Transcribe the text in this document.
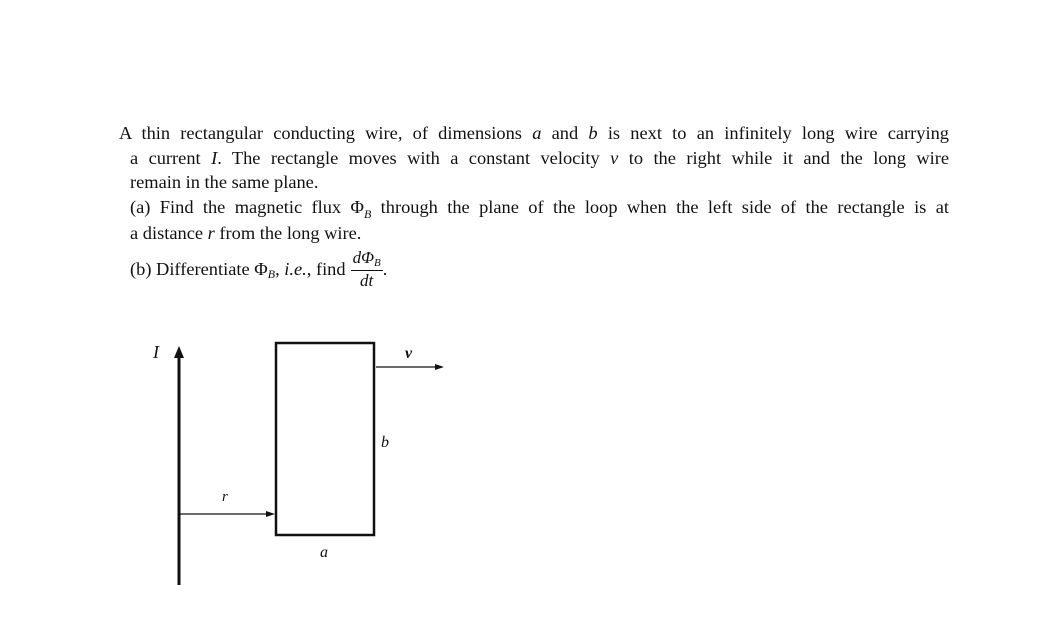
A thin rectangular conducting wire, of dimensions a and b is next to an infinitely long wire carrying
a current I. The rectangle moves with a constant velocity v to the right while it and the long wire
remain in the same plane.
(a) Find the magnetic flux $\Phi_B$ through the plane of the loop when the left side of the rectangle is at
a distance r from the long wire.
(b) Differentiate
Φ B ,
i.e. , find $\frac{\text{dΦB}}{dt}$ .
I
r
v
b
a
